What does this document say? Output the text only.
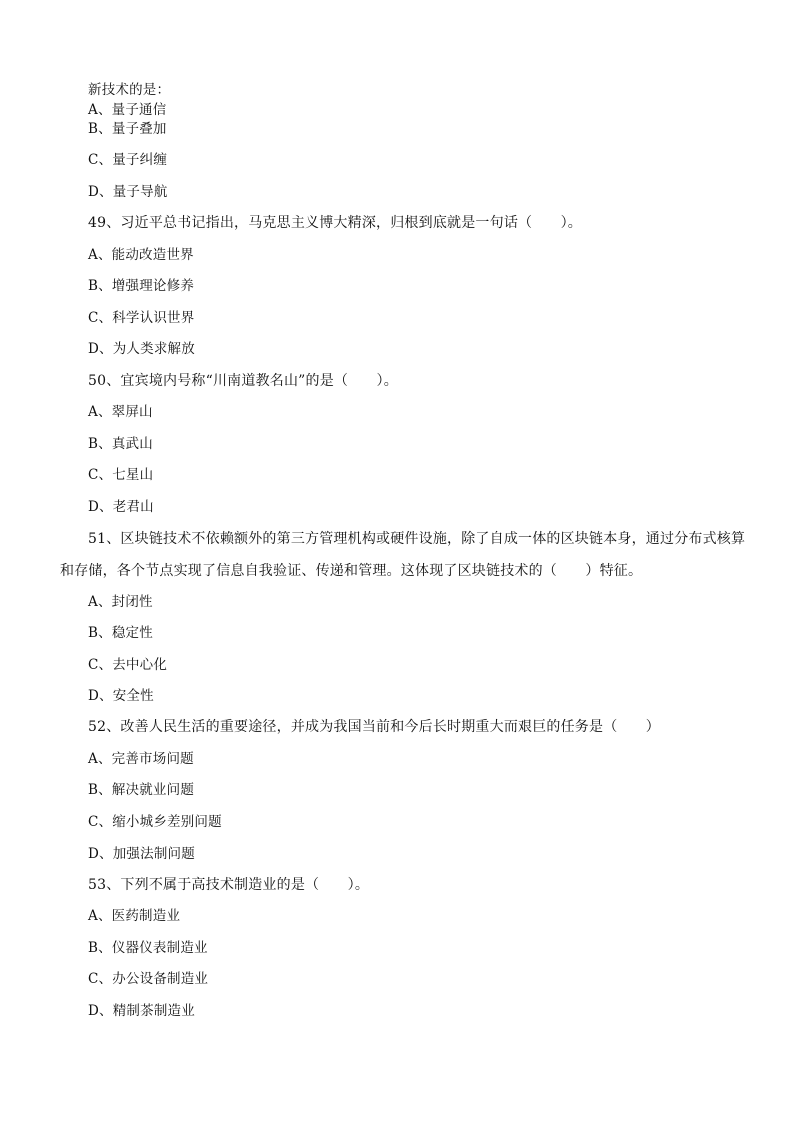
新技术的是：
A、量子通信
B、量子叠加
C、量子纠缠
D、量子导航
49、习近平总书记指出，马克思主义博大精深，归根到底就是一句话（　　）。
A、能动改造世界
B、增强理论修养
C、科学认识世界
D、为人类求解放
50、宜宾境内号称“川南道教名山”的是（　　）。
A、翠屏山
B、真武山
C、七星山
D、老君山
51、区块链技术不依赖额外的第三方管理机构或硬件设施，除了自成一体的区块链本身，通过分布式核算
和存储，各个节点实现了信息自我验证、传递和管理。这体现了区块链技术的（　　）特征。
A、封闭性
B、稳定性
C、去中心化
D、安全性
52、改善人民生活的重要途径，并成为我国当前和今后长时期重大而艰巨的任务是（　　）
A、完善市场问题
B、解决就业问题
C、缩小城乡差别问题
D、加强法制问题
53、下列不属于高技术制造业的是（　　）。
A、医药制造业
B、仪器仪表制造业
C、办公设备制造业
D、精制茶制造业
